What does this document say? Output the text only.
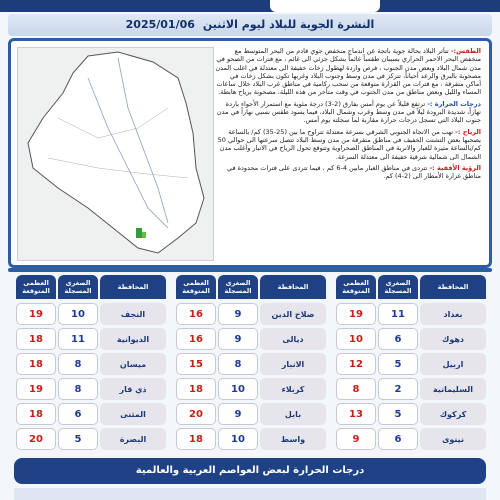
النشرة الجوية للبلاد ليوم الاثنين2025/01/06

الطقس:- تتأثر البلاد بحالة جوية ناتجة عن اندماج منخفض جوي قادم من البحر المتوسط مع منخفض البحر الاحمر الحراري بسببان طقساً غائماً بشكل جزئي الى غائم ، مع فترات من الصحو في مدن شمال البلاد وبعض مدن الجنوب ، فرص واردة لهطول زخات خفيفة الى معتدلة في اغلب المدن مصحوبة بالبرق والرعد أحياناً، تتركز في مدن وسط وجنوب البلاد وغربها تكون بشكل زخات في أماكن متفرقة ، مع فترات من القزارة متوقعة من سحب ركامية في مناطق غرب البلاد خلال ساعات المساء والليل وبعض مناطق من مدن الجنوب في وقت متأخر من هذه الليلة، مصحوبة برياح هابطة.

درجات الحرارة :- ترتفع قليلاً عن يوم أمس بفارق (2-3) درجة مئوية مع استمرار الأجواء باردة نهاراً، شديدة البرودة ليلاً في مدن وسط وغرب وشمال البلاد، فيما يسود طقس نسبي نهاراً في مدن جنوب البلاد التي تسجل درجات حرارة مقاربة لما سجلته يوم أمس.

الرياح :- تهب من الاتجاه الجنوبي الشرقي بسرعة معتدلة تتراوح ما بين (25-35) كم/ بالساعة يصحبها بعض التشتت الخفيف في مناطق متفرقة من مدن وسط البلاد تتصل سرعتها الى حوالي 50 كم/بالساعة مثيرة للغبار والاتربة في المناطق الصحراوية وتتوقع تحول الرياح في الانبار وأغلب مدن الشمال الى شمالية شرقية خفيفة الى معتدلة السرعة.

الرؤية الأفقية :- تتردى في مناطق الغبار مابين 4-6 كم ، فيما تتردى على فترات محدودة في مناطق غزارة الأمطار الى (2-4) كم.

المحافظة
الصغرى المسجلة
العظمى المتوقعة
بغداد
11
19
دهوك
6
10
اربيل
5
12
السليمانية
2
8
كركوك
5
13
نينوى
6
9
المحافظة
الصغرى المسجلة
العظمى المتوقعة
صلاح الدين
9
16
ديالى
9
16
الانبار
8
15
كربلاء
10
18
بابل
9
20
واسط
10
18
المحافظة
الصغرى المسجلة
العظمى المتوقعة
النجف
10
19
الديوانية
11
18
ميسان
8
18
ذي قار
8
19
المثنى
6
18
البصرة
5
20
درجات الحرارة لبعض العواصم العربية والعالمية
